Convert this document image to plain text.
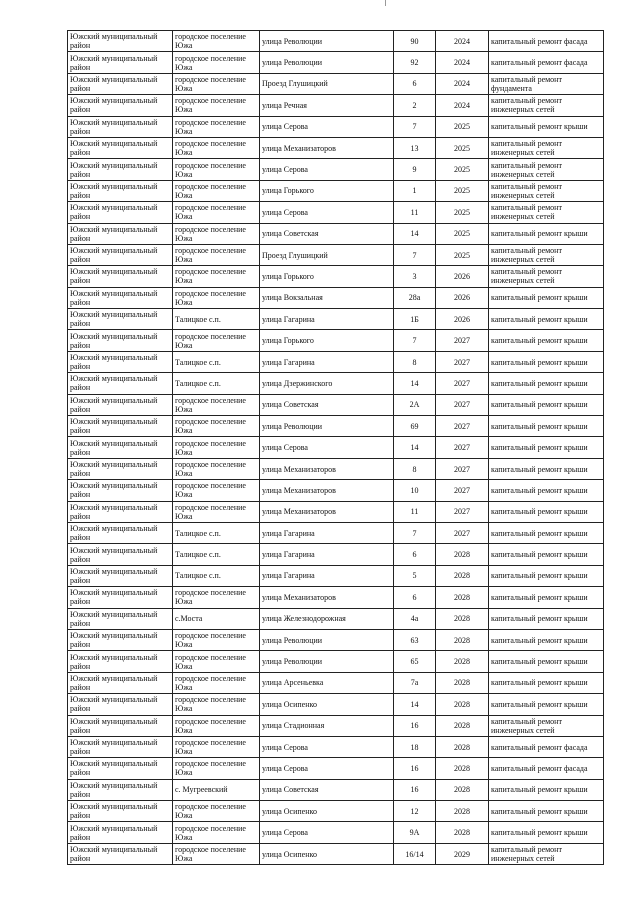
Южский муниципальный район	городское поселение Южа	улица Революции	90	2024	капитальный ремонт фасада
Южский муниципальный район	городское поселение Южа	улица Революции	92	2024	капитальный ремонт фасада
Южский муниципальный район	городское поселение Южа	Проезд Глушицкий	6	2024	капитальный ремонт фундамента
Южский муниципальный район	городское поселение Южа	улица Речная	2	2024	капитальный ремонт инженерных сетей
Южский муниципальный район	городское поселение Южа	улица Серова	7	2025	капитальный ремонт крыши
Южский муниципальный район	городское поселение Южа	улица Механизаторов	13	2025	капитальный ремонт инженерных сетей
Южский муниципальный район	городское поселение Южа	улица Серова	9	2025	капитальный ремонт инженерных сетей
Южский муниципальный район	городское поселение Южа	улица Горького	1	2025	капитальный ремонт инженерных сетей
Южский муниципальный район	городское поселение Южа	улица Серова	11	2025	капитальный ремонт инженерных сетей
Южский муниципальный район	городское поселение Южа	улица Советская	14	2025	капитальный ремонт крыши
Южский муниципальный район	городское поселение Южа	Проезд Глушицкий	7	2025	капитальный ремонт инженерных сетей
Южский муниципальный район	городское поселение Южа	улица Горького	3	2026	капитальный ремонт инженерных сетей
Южский муниципальный район	городское поселение Южа	улица Вокзальная	28а	2026	капитальный ремонт крыши
Южский муниципальный район	Талицкое с.п.	улица Гагарина	1Б	2026	капитальный ремонт крыши
Южский муниципальный район	городское поселение Южа	улица Горького	7	2027	капитальный ремонт крыши
Южский муниципальный район	Талицкое с.п.	улица Гагарина	8	2027	капитальный ремонт крыши
Южский муниципальный район	Талицкое с.п.	улица Дзержинского	14	2027	капитальный ремонт крыши
Южский муниципальный район	городское поселение Южа	улица Советская	2А	2027	капитальный ремонт крыши
Южский муниципальный район	городское поселение Южа	улица Революции	69	2027	капитальный ремонт крыши
Южский муниципальный район	городское поселение Южа	улица Серова	14	2027	капитальный ремонт крыши
Южский муниципальный район	городское поселение Южа	улица Механизаторов	8	2027	капитальный ремонт крыши
Южский муниципальный район	городское поселение Южа	улица Механизаторов	10	2027	капитальный ремонт крыши
Южский муниципальный район	городское поселение Южа	улица Механизаторов	11	2027	капитальный ремонт крыши
Южский муниципальный район	Талицкое с.п.	улица Гагарина	7	2027	капитальный ремонт крыши
Южский муниципальный район	Талицкое с.п.	улица Гагарина	6	2028	капитальный ремонт крыши
Южский муниципальный район	Талицкое с.п.	улица Гагарина	5	2028	капитальный ремонт крыши
Южский муниципальный район	городское поселение Южа	улица Механизаторов	6	2028	капитальный ремонт крыши
Южский муниципальный район	с.Моста	улица Железнодорожная	4а	2028	капитальный ремонт крыши
Южский муниципальный район	городское поселение Южа	улица Революции	63	2028	капитальный ремонт крыши
Южский муниципальный район	городское поселение Южа	улица Революции	65	2028	капитальный ремонт крыши
Южский муниципальный район	городское поселение Южа	улица Арсеньевка	7а	2028	капитальный ремонт крыши
Южский муниципальный район	городское поселение Южа	улица Осипенко	14	2028	капитальный ремонт крыши
Южский муниципальный район	городское поселение Южа	улица Стадионная	16	2028	капитальный ремонт инженерных сетей
Южский муниципальный район	городское поселение Южа	улица Серова	18	2028	капитальный ремонт фасада
Южский муниципальный район	городское поселение Южа	улица Серова	16	2028	капитальный ремонт фасада
Южский муниципальный район	с. Мугреевский	улица Советская	16	2028	капитальный ремонт крыши
Южский муниципальный район	городское поселение Южа	улица Осипенко	12	2028	капитальный ремонт крыши
Южский муниципальный район	городское поселение Южа	улица Серова	9А	2028	капитальный ремонт крыши
Южский муниципальный район	городское поселение Южа	улица Осипенко	16/14	2029	капитальный ремонт инженерных сетей
